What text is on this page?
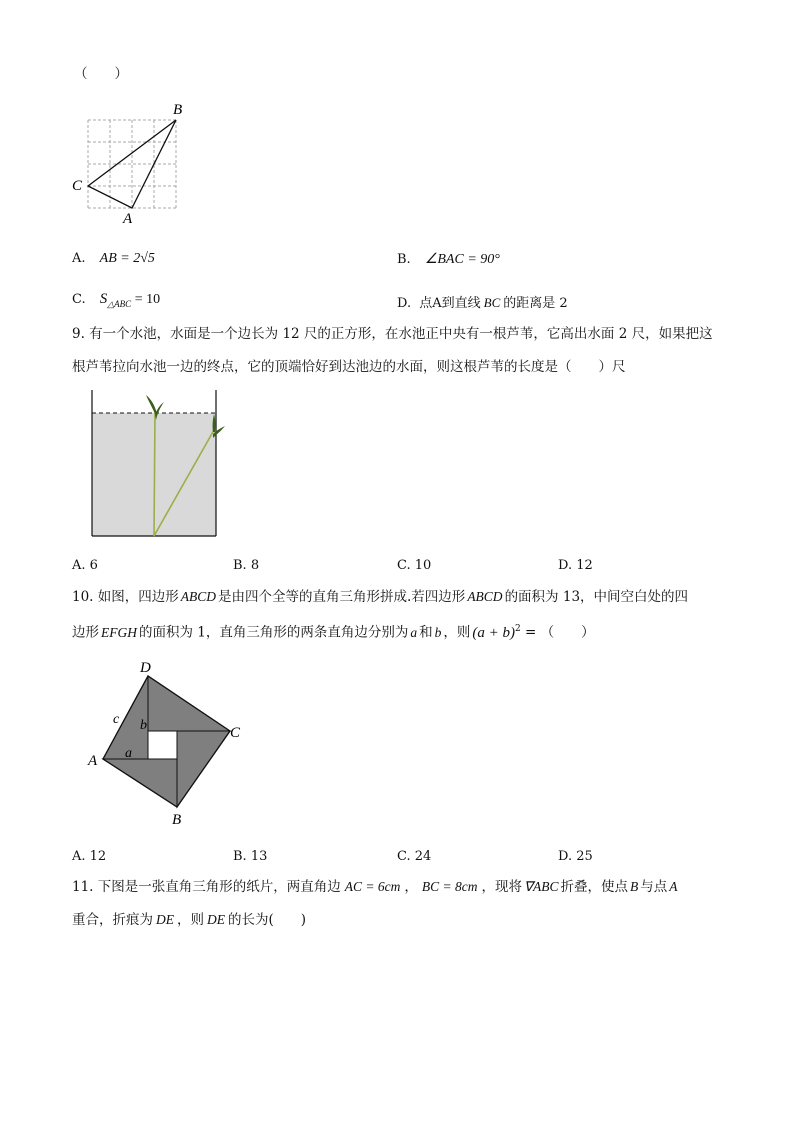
（　　）
B
C
A
A. AB = 2√5	B. ∠BAC = 90°
C. $S_{\triangle ABC} = 10$	D. 点A到直线 BC 的距离是 2
9. 有一个水池，水面是一个边长为 12 尺的正方形，在水池正中央有一根芦苇，它高出水面 2 尺，如果把这
根芦苇拉向水池一边的终点，它的顶端恰好到达池边的水面，则这根芦苇的长度是（　　）尺
A. 6	B. 8	C. 10	D. 12
10. 如图，四边形 ABCD 是由四个全等的直角三角形拼成.若四边形 ABCD 的面积为 13，中间空白处的四
边形 EFGH 的面积为 1，直角三角形的两条直角边分别为 a 和 b ，则 $(a + b)^2$ = （　　）
D
C
A
B
c b
a
A. 12	B. 13	C. 24	D. 25
11. 下图是一张直角三角形的纸片，两直角边 AC = 6cm ， BC = 8cm ，现将 ∇ABC 折叠，使点 B 与点 A
重合，折痕为 DE ，则 DE 的长为(　　)
